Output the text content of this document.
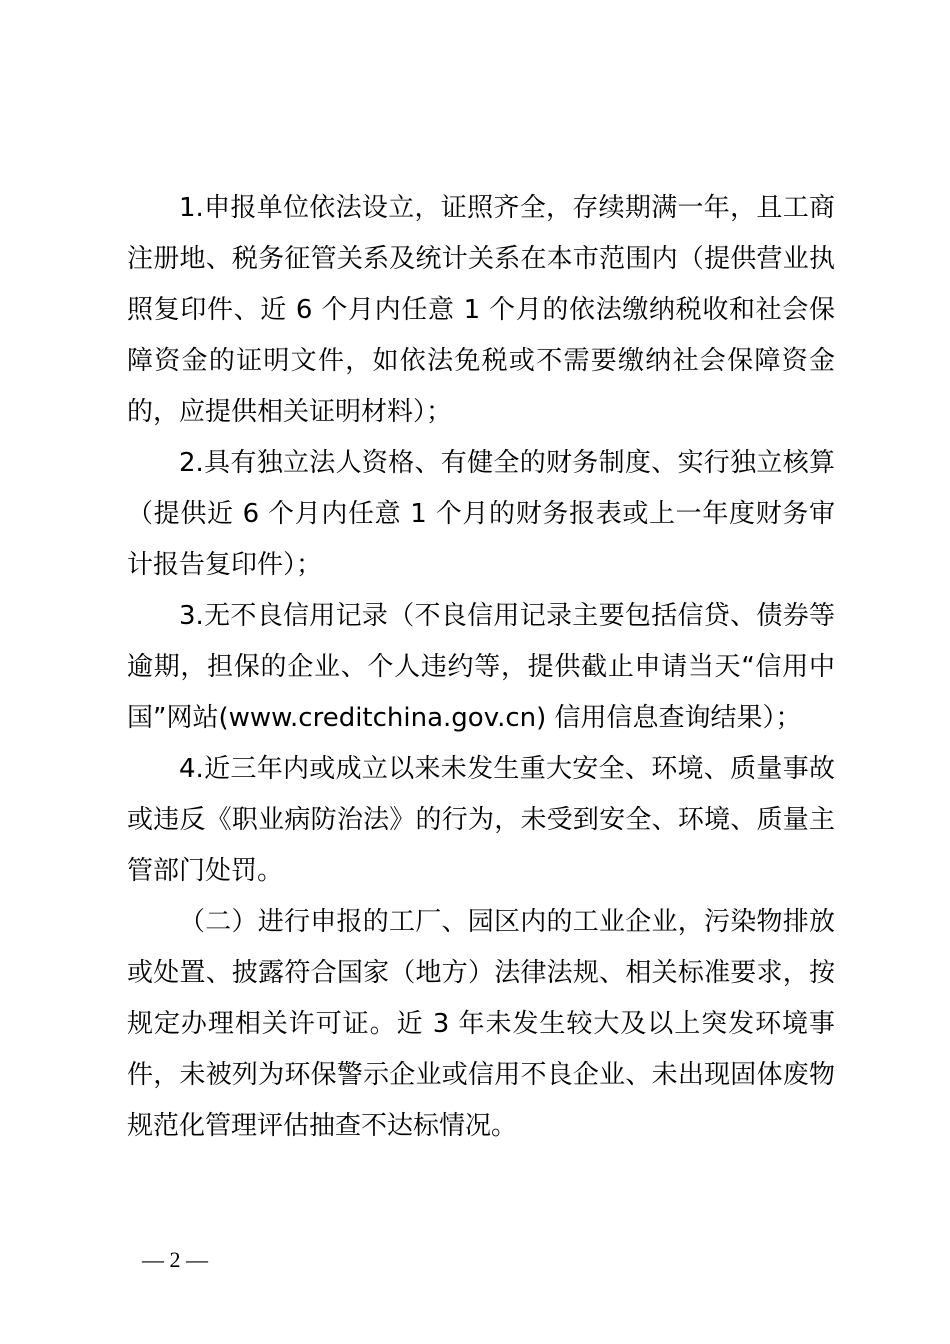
1.申报单位依法设立，证照齐全，存续期满一年，且工商注册地、税务征管关系及统计关系在本市范围内（提供营业执照复印件、近 6 个月内任意 1 个月的依法缴纳税收和社会保障资金的证明文件，如依法免税或不需要缴纳社会保障资金的，应提供相关证明材料）；

2.具有独立法人资格、有健全的财务制度、实行独立核算（提供近 6 个月内任意 1 个月的财务报表或上一年度财务审计报告复印件）；

3.无不良信用记录（不良信用记录主要包括信贷、债券等逾期，担保的企业、个人违约等，提供截止申请当天“信用中国”网站(www.creditchina.gov.cn) 信用信息查询结果）；

4.近三年内或成立以来未发生重大安全、环境、质量事故或违反《职业病防治法》的行为，未受到安全、环境、质量主管部门处罚。

（二）进行申报的工厂、园区内的工业企业，污染物排放或处置、披露符合国家（地方）法律法规、相关标准要求，按规定办理相关许可证。近 3 年未发生较大及以上突发环境事件，未被列为环保警示企业或信用不良企业、未出现固体废物规范化管理评估抽查不达标情况。

— 2 —
